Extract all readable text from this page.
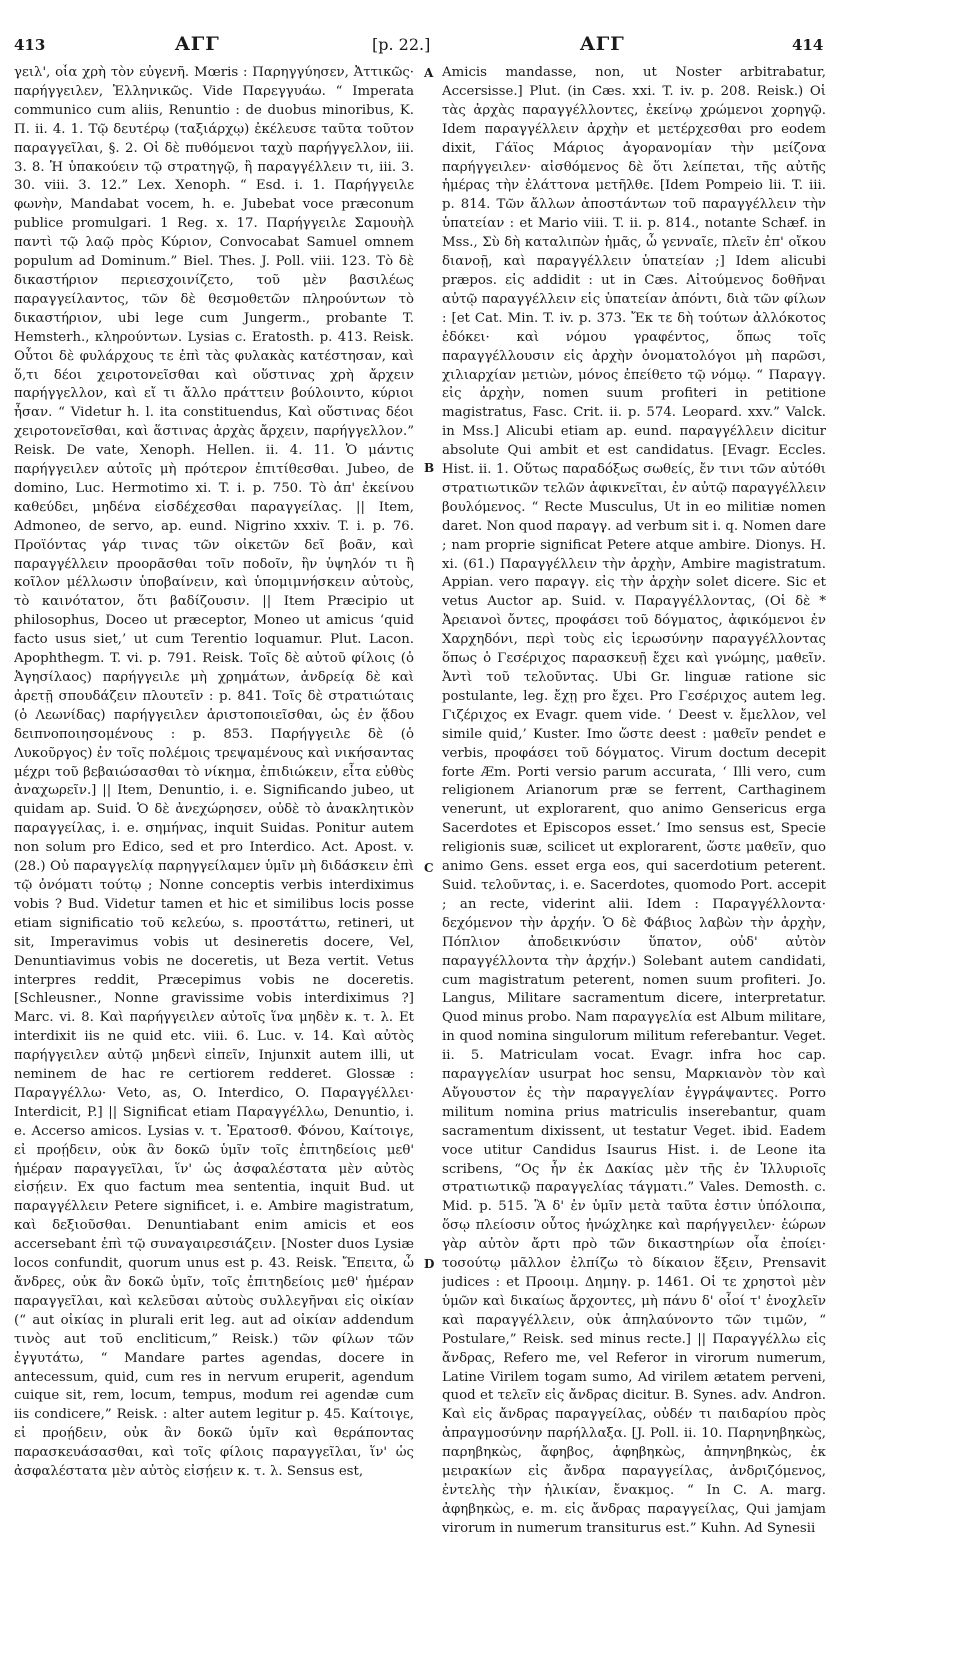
413	ΑΓΓ	[p. 22.]	ΑΓΓ	414
A
B
C
D

γειλ', οἷα χρὴ τὸν εὐγενῆ. Mœris : Παρηγγύησεν, Ἀττικῶς· παρήγγειλεν, Ἑλληνικῶς. Vide Παρεγγυάω. “ Imperata communico cum aliis, Renuntio : de duobus minoribus, K. Π. ii. 4. 1. Τῷ δευτέρῳ (ταξιάρχῳ) ἐκέλευσε ταῦτα τοῦτον παραγγεῖλαι, §. 2. Οἱ δὲ πυθόμενοι ταχὺ παρήγγελλον, iii. 3. 8. Ἡ ὑπακούειν τῷ στρατηγῷ, ἢ παραγγέλλειν τι, iii. 3. 30. viii. 3. 12.” Lex. Xenoph. “ Esd. i. 1. Παρήγγειλε φωνὴν, Mandabat vocem, h. e. Jubebat voce præconum publice promulgari. 1 Reg. x. 17. Παρήγγειλε Σαμουὴλ παντὶ τῷ λαῷ πρὸς Κύριον, Convocabat Samuel omnem populum ad Dominum.” Biel. Thes. J. Poll. viii. 123. Τὸ δὲ δικαστήριον περιεσχοινίζετο, τοῦ μὲν βασιλέως παραγγείλαντος, τῶν δὲ θεσμοθετῶν πληρούντων τὸ δικαστήριον, ubi lege cum Jungerm., probante T. Hemsterh., κληρούντων. Lysias c. Eratosth. p. 413. Reisk. Οὗτοι δὲ φυλάρχους τε ἐπὶ τὰς φυλακὰς κατέστησαν, καὶ ὅ,τι δέοι χειροτονεῖσθαι καὶ οὕστινας χρὴ ἄρχειν παρήγγελλον, καὶ εἴ τι ἄλλο πράττειν βούλοιντο, κύριοι ἦσαν. “ Videtur h. l. ita constituendus, Καὶ οὕστινας δέοι χειροτονεῖσθαι, καὶ ἅστινας ἀρχὰς ἄρχειν, παρήγγελλον.” Reisk. De vate, Xenoph. Hellen. ii. 4. 11. Ὁ μάντις παρήγγειλεν αὐτοῖς μὴ πρότερον ἐπιτίθεσθαι. Jubeo, de domino, Luc. Hermotimo xi. T. i. p. 750. Τὸ ἀπ' ἐκείνου καθεύδει, μηδένα εἰσδέχεσθαι παραγγείλας. || Item, Admoneo, de servo, ap. eund. Nigrino xxxiv. T. i. p. 76. Προϊόντας γάρ τινας τῶν οἰκετῶν δεῖ βοᾶν, καὶ παραγγέλλειν προορᾶσθαι τοῖν ποδοῖν, ἢν ὑψηλόν τι ἢ κοῖλον μέλλωσιν ὑποβαίνειν, καὶ ὑπομιμνήσκειν αὐτοὺς, τὸ καινότατον, ὅτι βαδίζουσιν. || Item Præcipio ut philosophus, Doceo ut præceptor, Moneo ut amicus ‘quid facto usus siet,’ ut cum Terentio loquamur. Plut. Lacon. Apophthegm. T. vi. p. 791. Reisk. Τοῖς δὲ αὐτοῦ φίλοις (ὁ Ἀγησίλαος) παρήγγειλε μὴ χρημάτων, ἀνδρείᾳ δὲ καὶ ἀρετῇ σπουδάζειν πλουτεῖν : p. 841. Τοῖς δὲ στρατιώταις (ὁ Λεωνίδας) παρήγγειλεν ἀριστοποιεῖσθαι, ὡς ἐν ᾅδου δειπνοποιησομένους : p. 853. Παρήγγειλε δὲ (ὁ Λυκοῦργος) ἐν τοῖς πολέμοις τρεψαμένους καὶ νικήσαντας μέχρι τοῦ βεβαιώσασθαι τὸ νίκημα, ἐπιδιώκειν, εἶτα εὐθὺς ἀναχωρεῖν.] || Item, Denuntio, i. e. Significando jubeo, ut quidam ap. Suid. Ὁ δὲ ἀνεχώρησεν, οὐδὲ τὸ ἀνακλητικὸν παραγγείλας, i. e. σημήνας, inquit Suidas. Ponitur autem non solum pro Edico, sed et pro Interdico. Act. Apost. v. (28.) Οὐ παραγγελίᾳ παρηγγείλαμεν ὑμῖν μὴ διδάσκειν ἐπὶ τῷ ὀνόματι τούτῳ ; Nonne conceptis verbis interdiximus vobis ? Bud. Videtur tamen et hic et similibus locis posse etiam significatio τοῦ κελεύω, s. προστάττω, retineri, ut sit, Imperavimus vobis ut desineretis docere, Vel, Denuntiavimus vobis ne doceretis, ut Beza vertit. Vetus interpres reddit, Præcepimus vobis ne doceretis. [Schleusner., Nonne gravissime vobis interdiximus ?] Marc. vi. 8. Καὶ παρήγγειλεν αὐτοῖς ἵνα μηδὲν κ. τ. λ. Et interdixit iis ne quid etc. viii. 6. Luc. v. 14. Καὶ αὐτὸς παρήγγειλεν αὐτῷ μηδενὶ εἰπεῖν, Injunxit autem illi, ut neminem de hac re certiorem redderet. Glossæ : Παραγγέλλω· Veto, as, O. Interdico, O. Παραγγέλλει· Interdicit, P.] || Significat etiam Παραγγέλλω, Denuntio, i. e. Accerso amicos. Lysias v. τ. Ἐρατοσθ. Φόνου, Καίτοιγε, εἰ προῄδειν, οὐκ ἂν δοκῶ ὑμῖν τοῖς ἐπιτηδείοις μεθ' ἡμέραν παραγγεῖλαι, ἵν' ὡς ἀσφαλέστατα μὲν αὐτὸς εἰσῄειν. Ex quo factum mea sententia, inquit Bud. ut παραγγέλλειν Petere significet, i. e. Ambire magistratum, καὶ δεξιοῦσθαι. Denuntiabant enim amicis et eos accersebant ἐπὶ τῷ συναγαιρεσιάζειν. [Noster duos Lysiæ locos confundit, quorum unus est p. 43. Reisk. Ἔπειτα, ὦ ἄνδρες, οὐκ ἂν δοκῶ ὑμῖν, τοῖς ἐπιτηδείοις μεθ' ἡμέραν παραγγεῖλαι, καὶ κελεῦσαι αὐτοὺς συλλεγῆναι εἰς οἰκίαν (“ aut οἰκίας in plurali erit leg. aut ad οἰκίαν addendum τινὸς aut τοῦ encliticum,” Reisk.) τῶν φίλων τῶν ἐγγυτάτω, “ Mandare partes agendas, docere in antecessum, quid, cum res in nervum eruperit, agendum cuique sit, rem, locum, tempus, modum rei agendæ cum iis condicere,” Reisk. : alter autem legitur p. 45. Καίτοιγε, εἰ προῄδειν, οὐκ ἂν δοκῶ ὑμῖν καὶ θεράποντας παρασκευάσασθαι, καὶ τοῖς φίλοις παραγγεῖλαι, ἵν' ὡς ἀσφαλέστατα μὲν αὐτὸς εἰσῄειν κ. τ. λ. Sensus est,

Amicis mandasse, non, ut Noster arbitrabatur, Accersisse.] Plut. (in Cæs. xxi. T. iv. p. 208. Reisk.) Οἱ τὰς ἀρχὰς παραγγέλλοντες, ἐκείνῳ χρώμενοι χορηγῷ. Idem παραγγέλλειν ἀρχὴν et μετέρχεσθαι pro eodem dixit, Γάϊος Μάριος ἀγορανομίαν τὴν μείζονα παρήγγειλεν· αἰσθόμενος δὲ ὅτι λείπεται, τῆς αὐτῆς ἡμέρας τὴν ἐλάττονα μετῆλθε. [Idem Pompeio lii. T. iii. p. 814. Τῶν ἄλλων ἀποστάντων τοῦ παραγγέλλειν τὴν ὑπατείαν : et Mario viii. T. ii. p. 814., notante Schæf. in Mss., Σὺ δὴ καταλιπὼν ἡμᾶς, ὦ γενναῖε, πλεῖν ἐπ' οἴκου διανοῇ, καὶ παραγγέλλειν ὑπατείαν ;] Idem alicubi præpos. εἰς addidit : ut in Cæs. Αἰτούμενος δοθῆναι αὐτῷ παραγγέλλειν εἰς ὑπατείαν ἀπόντι, διὰ τῶν φίλων : [et Cat. Min. T. iv. p. 373. Ἔκ τε δὴ τούτων ἀλλόκοτος ἐδόκει· καὶ νόμου γραφέντος, ὅπως τοῖς παραγγέλλουσιν εἰς ἀρχὴν ὀνοματολόγοι μὴ παρῶσι, χιλιαρχίαν μετιὼν, μόνος ἐπείθετο τῷ νόμῳ. “ Παραγγ. εἰς ἀρχὴν, nomen suum profiteri in petitione magistratus, Fasc. Crit. ii. p. 574. Leopard. xxv.” Valck. in Mss.] Alicubi etiam ap. eund. παραγγέλλειν dicitur absolute Qui ambit et est candidatus. [Evagr. Eccles. Hist. ii. 1. Οὕτως παραδόξως σωθείς, ἔν τινι τῶν αὐτόθι στρατιωτικῶν τελῶν ἀφικνεῖται, ἐν αὐτῷ παραγγέλλειν βουλόμενος. “ Recte Musculus, Ut in eo militiæ nomen daret. Non quod παραγγ. ad verbum sit i. q. Nomen dare ; nam proprie significat Petere atque ambire. Dionys. H. xi. (61.) Παραγγέλλειν τὴν ἀρχὴν, Ambire magistratum. Appian. vero παραγγ. εἰς τὴν ἀρχὴν solet dicere. Sic et vetus Auctor ap. Suid. v. Παραγγέλλοντας, (Οἱ δὲ * Ἀρειανοὶ ὄντες, προφάσει τοῦ δόγματος, ἀφικόμενοι ἐν Χαρχηδόνι, περὶ τοὺς εἰς ἱερωσύνην παραγγέλλοντας ὅπως ὁ Γεσέριχος παρασκευῇ ἔχει καὶ γνώμης, μαθεῖν. Ἀντὶ τοῦ τελοῦντας. Ubi Gr. linguæ ratione sic postulante, leg. ἔχῃ pro ἔχει. Pro Γεσέριχος autem leg. Γιζέριχος ex Evagr. quem vide. ‘ Deest v. ἔμελλον, vel simile quid,’ Kuster. Imo ὥστε deest : μαθεῖν pendet e verbis, προφάσει τοῦ δόγματος. Virum doctum decepit forte Æm. Porti versio parum accurata, ‘ Illi vero, cum religionem Arianorum præ se ferrent, Carthaginem venerunt, ut explorarent, quo animo Gensericus erga Sacerdotes et Episcopos esset.’ Imo sensus est, Specie religionis suæ, scilicet ut explorarent, ὥστε μαθεῖν, quo animo Gens. esset erga eos, qui sacerdotium peterent. Suid. τελοῦντας, i. e. Sacerdotes, quomodo Port. accepit ; an recte, viderint alii. Idem : Παραγγέλλοντα· δεχόμενον τὴν ἀρχήν. Ὁ δὲ Φάβιος λαβὼν τὴν ἀρχὴν, Πόπλιον ἀποδεικνύσιν ὕπατον, οὐδ' αὐτὸν παραγγέλλοντα τὴν ἀρχήν.) Solebant autem candidati, cum magistratum peterent, nomen suum profiteri. Jo. Langus, Militare sacramentum dicere, interpretatur. Quod minus probo. Nam παραγγελία est Album militare, in quod nomina singulorum militum referebantur. Veget. ii. 5. Matriculam vocat. Evagr. infra hoc cap. παραγγελίαν usurpat hoc sensu, Μαρκιανὸν τὸν καὶ Αὔγουστον ἐς τὴν παραγγελίαν ἐγγράψαντες. Porro militum nomina prius matriculis inserebantur, quam sacramentum dixissent, ut testatur Veget. ibid. Eadem voce utitur Candidus Isaurus Hist. i. de Leone ita scribens, “Ος ἦν ἐκ Δακίας μὲν τῆς ἐν Ἰλλυριοῖς στρατιωτικῷ παραγγελίας τάγματι.” Vales. Demosth. c. Mid. p. 515. Ἃ δ' ἐν ὑμῖν μετὰ ταῦτα ἐστιν ὑπόλοιπα, ὅσῳ πλείοσιν οὗτος ἠνώχληκε καὶ παρήγγειλεν· ἑώρων γὰρ αὐτὸν ἄρτι πρὸ τῶν δικαστηρίων οἷα ἐποίει· τοσούτῳ μᾶλλον ἐλπίζω τὸ δίκαιον ἕξειν, Prensavit judices : et Προοιμ. Δημηγ. p. 1461. Οἱ τε χρηστοὶ μὲν ὑμῶν καὶ δικαίως ἄρχοντες, μὴ πάνυ δ' οἷοί τ' ἐνοχλεῖν καὶ παραγγέλλειν, οὐκ ἀπηλαύνοντο τῶν τιμῶν, “ Postulare,” Reisk. sed minus recte.] || Παραγγέλλω εἰς ἄνδρας, Refero me, vel Referor in virorum numerum, Latine Virilem togam sumo, Ad virilem ætatem perveni, quod et τελεῖν εἰς ἄνδρας dicitur. B. Synes. adv. Andron. Καὶ εἰς ἄνδρας παραγγείλας, οὐδέν τι παιδαρίου πρὸς ἀπραγμοσύνην παρήλλαξα. [J. Poll. ii. 10. Παρηνηβηκὼς, παρηβηκὼς, ἄφηβος, ἀφηβηκὼς, ἀπηνηβηκὼς, ἐκ μειρακίων εἰς ἄνδρα παραγγείλας, ἀνδριζόμενος, ἐντελὴς τὴν ἡλικίαν, ἔνακμος. “ In C. A. marg. ἀφηβηκὼς, e. m. εἰς ἄνδρας παραγγείλας, Qui jamjam virorum in numerum transiturus est.” Kuhn. Ad Synesii
